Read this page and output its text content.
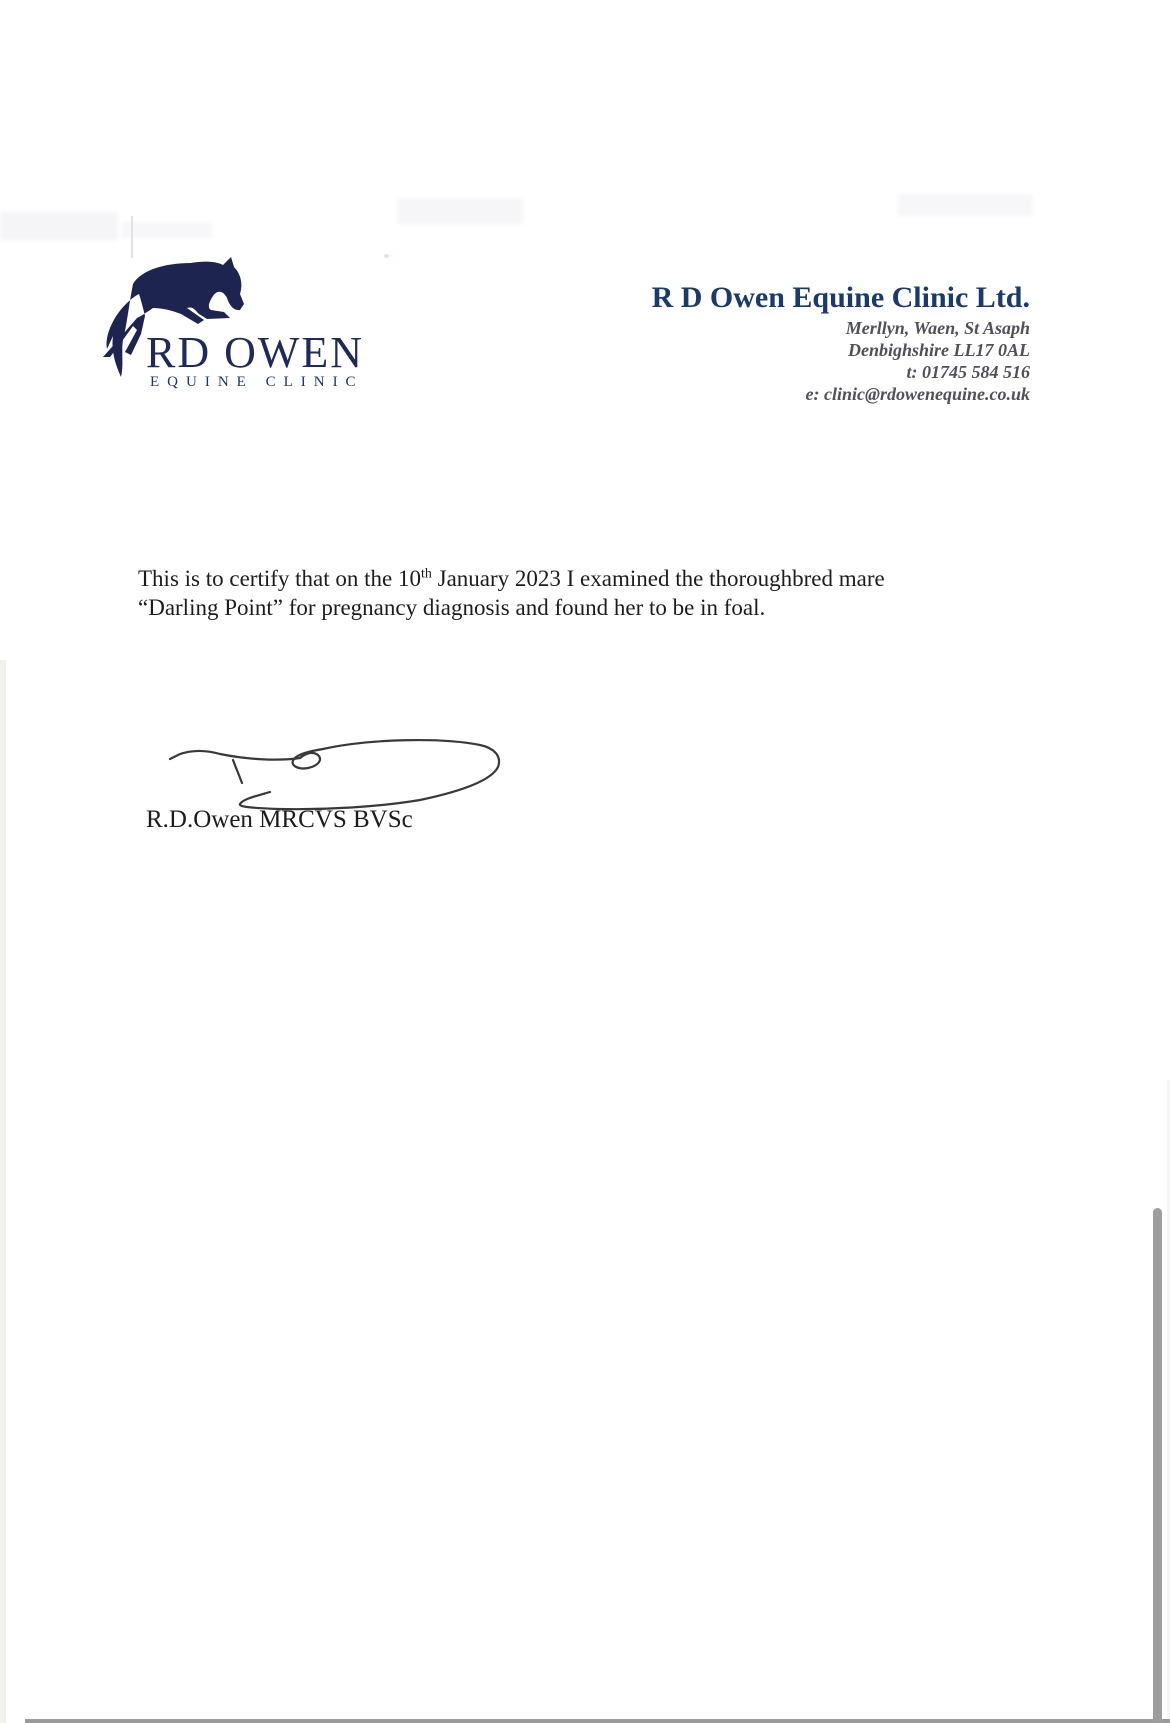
RD OWEN
EQUINE CLINIC
R D Owen Equine Clinic Ltd.
Merllyn, Waen, St Asaph
Denbighshire LL17 0AL
t: 01745 584 516
e: clinic@rdowenequine.co.uk

This is to certify that on the 10th January 2023 I examined the thoroughbred mare

“Darling Point” for pregnancy diagnosis and found her to be in foal.

R.D.Owen MRCVS BVSc
